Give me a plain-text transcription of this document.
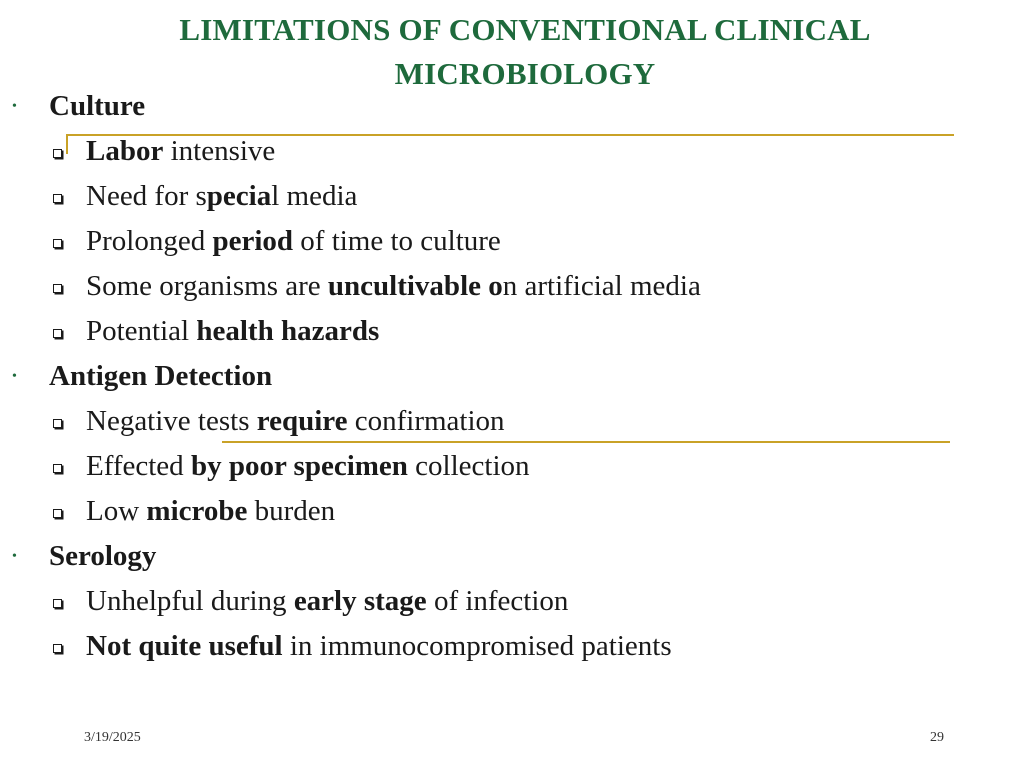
LIMITATIONS OF CONVENTIONAL CLINICAL
MICROBIOLOGY
• Culture
Labor intensive
Need for special media
Prolonged period of time to culture
Some organisms are uncultivable on artificial media
Potential health hazards
• Antigen Detection
Negative tests require confirmation
Effected by poor specimen collection
Low microbe burden
• Serology
Unhelpful during early stage of infection
Not quite useful in immunocompromised patients
3/19/2025	29
